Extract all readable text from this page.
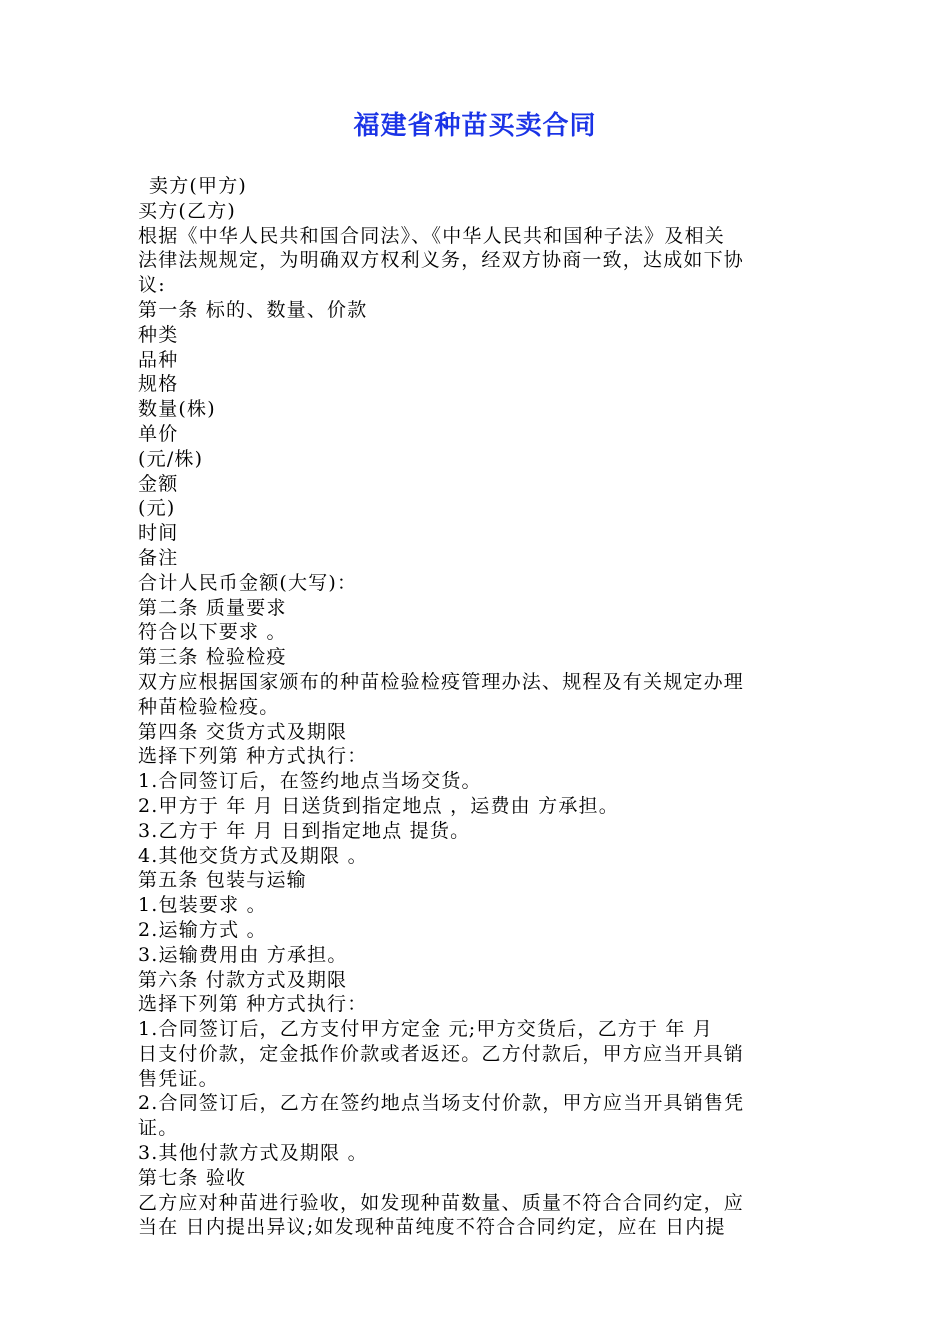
福建省种苗买卖合同
卖方(甲方)
买方(乙方)
根据《中华人民共和国合同法》、《中华人民共和国种子法》及相关
法律法规规定，为明确双方权利义务，经双方协商一致，达成如下协
议:
第一条 标的、数量、价款
种类
品种
规格
数量(株)
单价
(元/株)
金额
(元)
时间
备注
合计人民币金额(大写)：
第二条 质量要求
符合以下要求 。
第三条 检验检疫
双方应根据国家颁布的种苗检验检疫管理办法、规程及有关规定办理
种苗检验检疫。
第四条 交货方式及期限
选择下列第 种方式执行：
1.合同签订后，在签约地点当场交货。
2.甲方于 年 月 日送货到指定地点 ，运费由 方承担。
3.乙方于 年 月 日到指定地点 提货。
4.其他交货方式及期限 。
第五条 包装与运输
1.包装要求 。
2.运输方式 。
3.运输费用由 方承担。
第六条 付款方式及期限
选择下列第 种方式执行：
1.合同签订后，乙方支付甲方定金 元;甲方交货后，乙方于 年 月
日支付价款，定金抵作价款或者返还。乙方付款后，甲方应当开具销
售凭证。
2.合同签订后，乙方在签约地点当场支付价款，甲方应当开具销售凭
证。
3.其他付款方式及期限 。
第七条 验收
乙方应对种苗进行验收，如发现种苗数量、质量不符合合同约定，应
当在 日内提出异议;如发现种苗纯度不符合合同约定，应在 日内提
